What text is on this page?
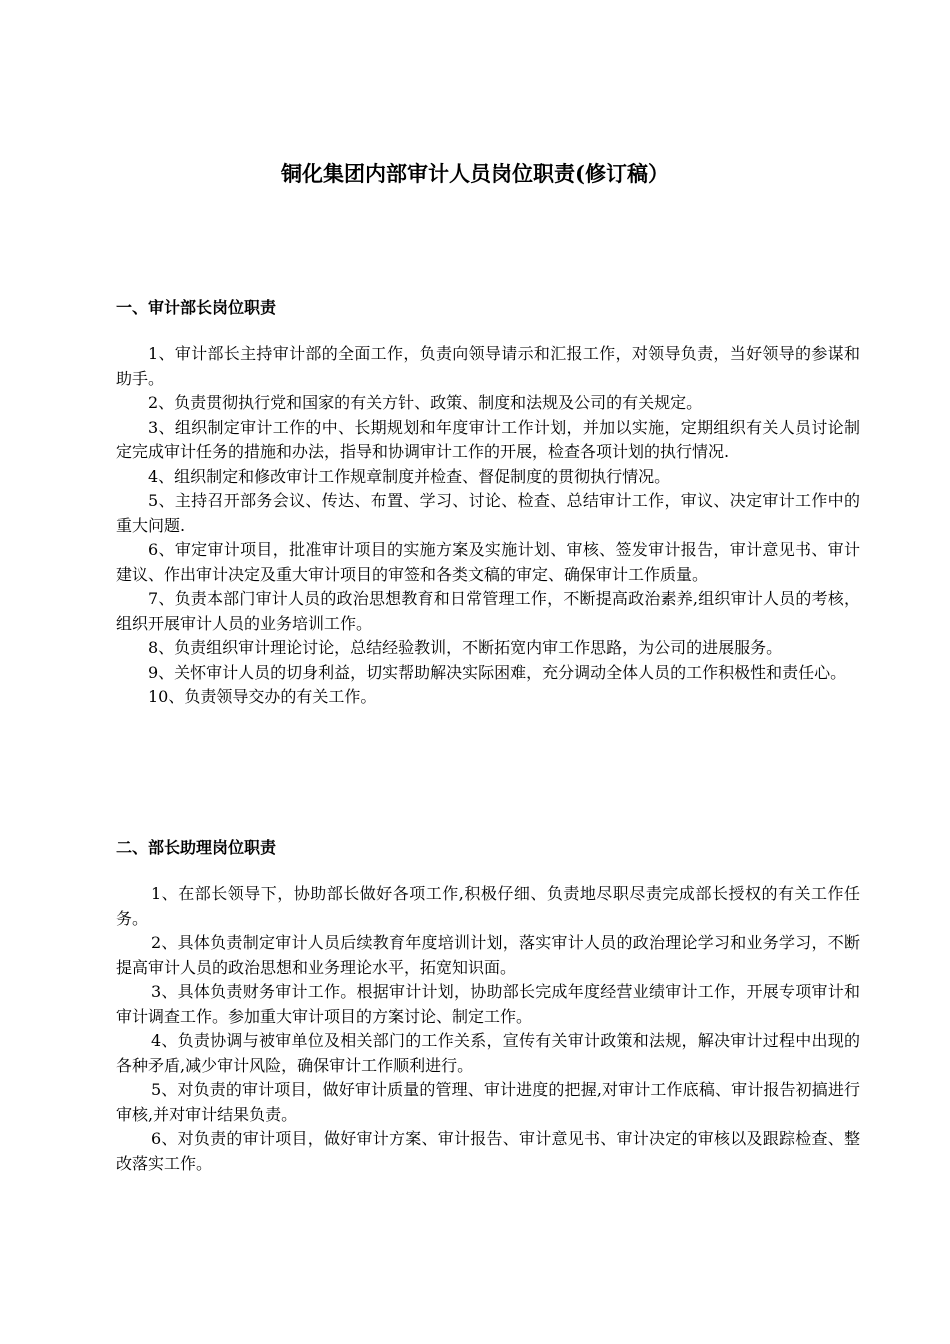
铜化集团内部审计人员岗位职责(修订稿）
一、审计部长岗位职责

1、审计部长主持审计部的全面工作，负责向领导请示和汇报工作，对领导负责，当好领导的参谋和助手。

2、负责贯彻执行党和国家的有关方针、政策、制度和法规及公司的有关规定。

3、组织制定审计工作的中、长期规划和年度审计工作计划，并加以实施，定期组织有关人员讨论制定完成审计任务的措施和办法，指导和协调审计工作的开展，检查各项计划的执行情况.

4、组织制定和修改审计工作规章制度并检查、督促制度的贯彻执行情况。

5、主持召开部务会议、传达、布置、学习、讨论、检查、总结审计工作，审议、决定审计工作中的重大问题.

6、审定审计项目，批准审计项目的实施方案及实施计划、审核、签发审计报告，审计意见书、审计建议、作出审计决定及重大审计项目的审签和各类文稿的审定、确保审计工作质量。

7、负责本部门审计人员的政治思想教育和日常管理工作，不断提高政治素养,组织审计人员的考核，组织开展审计人员的业务培训工作。

8、负责组织审计理论讨论，总结经验教训，不断拓宽内审工作思路，为公司的进展服务。

9、关怀审计人员的切身利益，切实帮助解决实际困难，充分调动全体人员的工作积极性和责任心。

10、负责领导交办的有关工作。

二、部长助理岗位职责

1、在部长领导下，协助部长做好各项工作,积极仔细、负责地尽职尽责完成部长授权的有关工作任务。

2、具体负责制定审计人员后续教育年度培训计划，落实审计人员的政治理论学习和业务学习，不断提高审计人员的政治思想和业务理论水平，拓宽知识面。

3、具体负责财务审计工作。根据审计计划，协助部长完成年度经营业绩审计工作，开展专项审计和审计调查工作。参加重大审计项目的方案讨论、制定工作。

4、负责协调与被审单位及相关部门的工作关系，宣传有关审计政策和法规，解决审计过程中出现的各种矛盾,减少审计风险，确保审计工作顺利进行。

5、对负责的审计项目，做好审计质量的管理、审计进度的把握,对审计工作底稿、审计报告初搞进行审核,并对审计结果负责。

6、对负责的审计项目，做好审计方案、审计报告、审计意见书、审计决定的审核以及跟踪检查、整改落实工作。
